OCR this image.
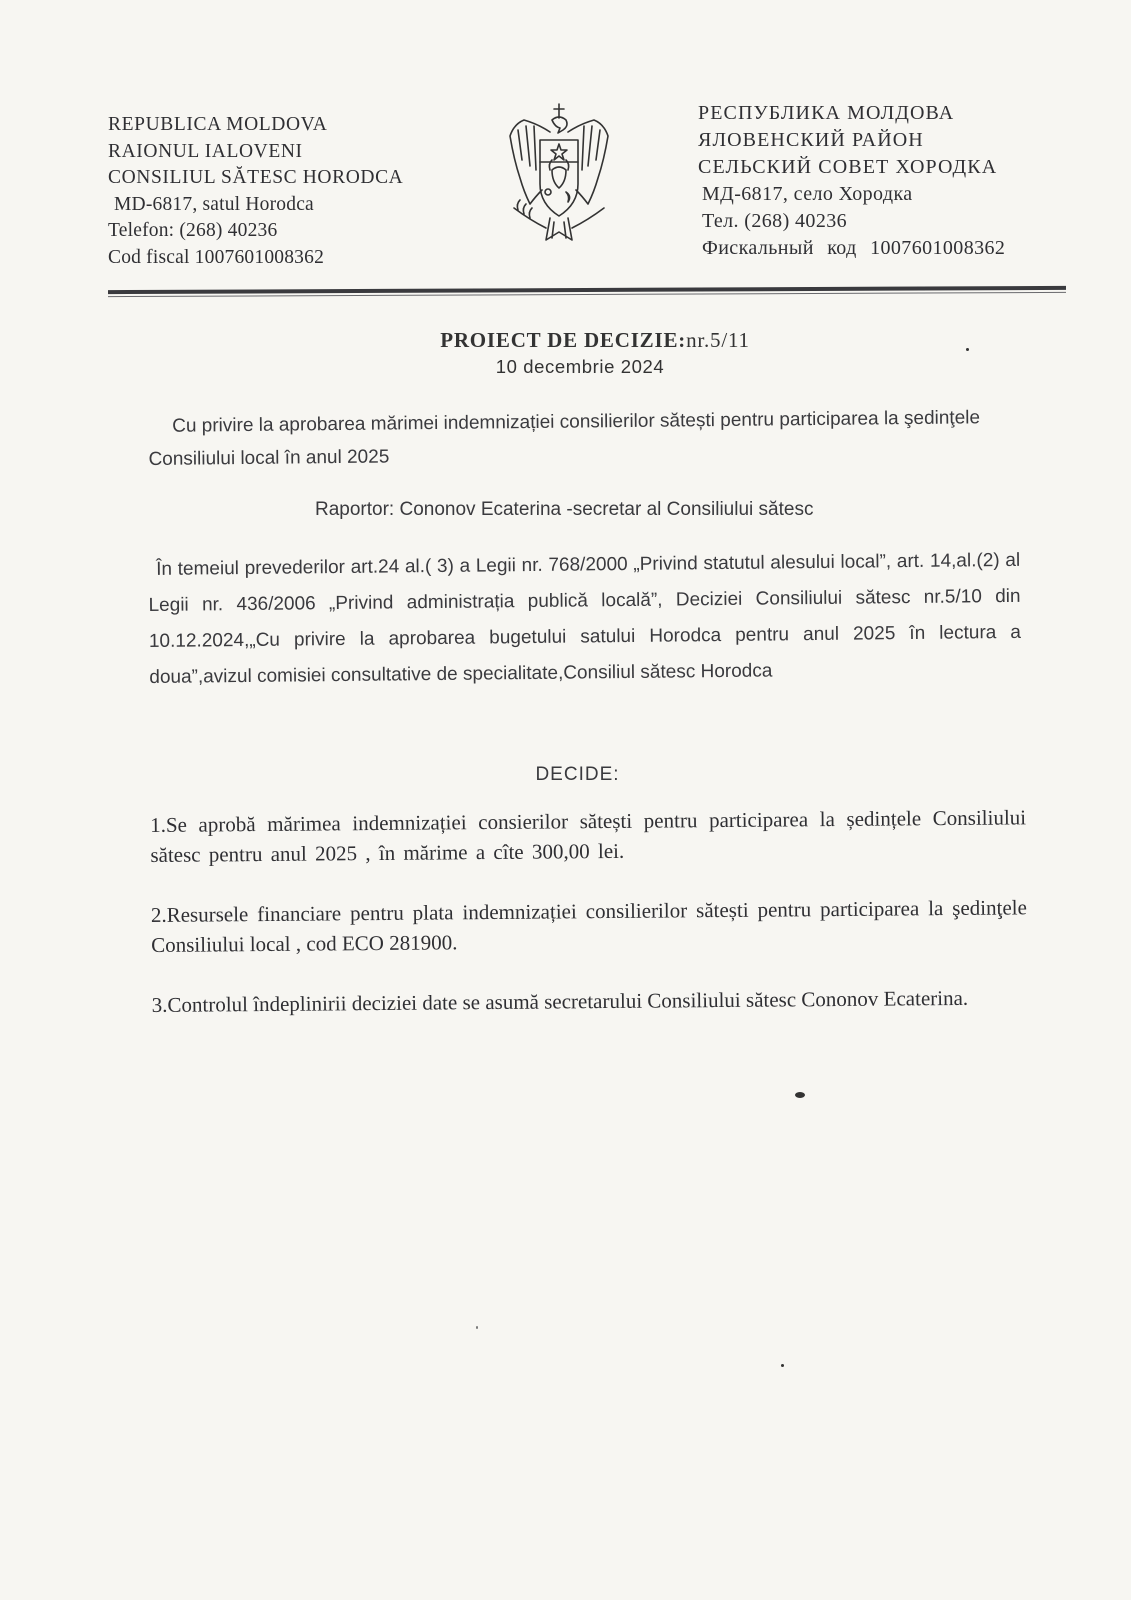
REPUBLICA MOLDOVA
RAIONUL IALOVENI
CONSILIUL SĂTESC HORODCA
MD-6817, satul Horodca
Telefon: (268) 40236
Cod fiscal 1007601008362
РЕСПУБЛИКА МОЛДОВА
ЯЛОВЕНСКИЙ РАЙОН
СЕЛЬСКИЙ СОВЕТ ХОРОДКА
МД-6817, село Хородка
Тел. (268) 40236
Фискальный код 1007601008362
PROIECT DE DECIZIE:nr.5/11
10 decembrie 2024
Cu privire la aprobarea mărimei indemnizației consilierilor sătești pentru participarea la şedinţele Consiliului local în anul 2025
Raportor: Cononov Ecaterina -secretar al Consiliului sătesc
În temeiul prevederilor art.24 al.( 3) a Legii nr. 768/2000 „Privind statutul alesului local”, art. 14,al.(2) al Legii nr. 436/2006 „Privind administrația publică locală”, Deciziei Consiliului sătesc nr.5/10 din 10.12.2024,„Cu privire la aprobarea bugetului satului Horodca pentru anul 2025 în lectura a doua”,avizul comisiei consultative de specialitate,Consiliul sătesc Horodca
DECIDE:

1.Se aprobă mărimea indemnizației consierilor sătești pentru participarea la ședințele Consiliului sătesc pentru anul 2025 , în mărime a cîte 300,00 lei.

2.Resursele financiare pentru plata indemnizației consilierilor sătești pentru participarea la şedinţele Consiliului local , cod ECO 281900.

3.Controlul îndeplinirii deciziei date se asumă secretarului Consiliului sătesc Cononov Ecaterina.
